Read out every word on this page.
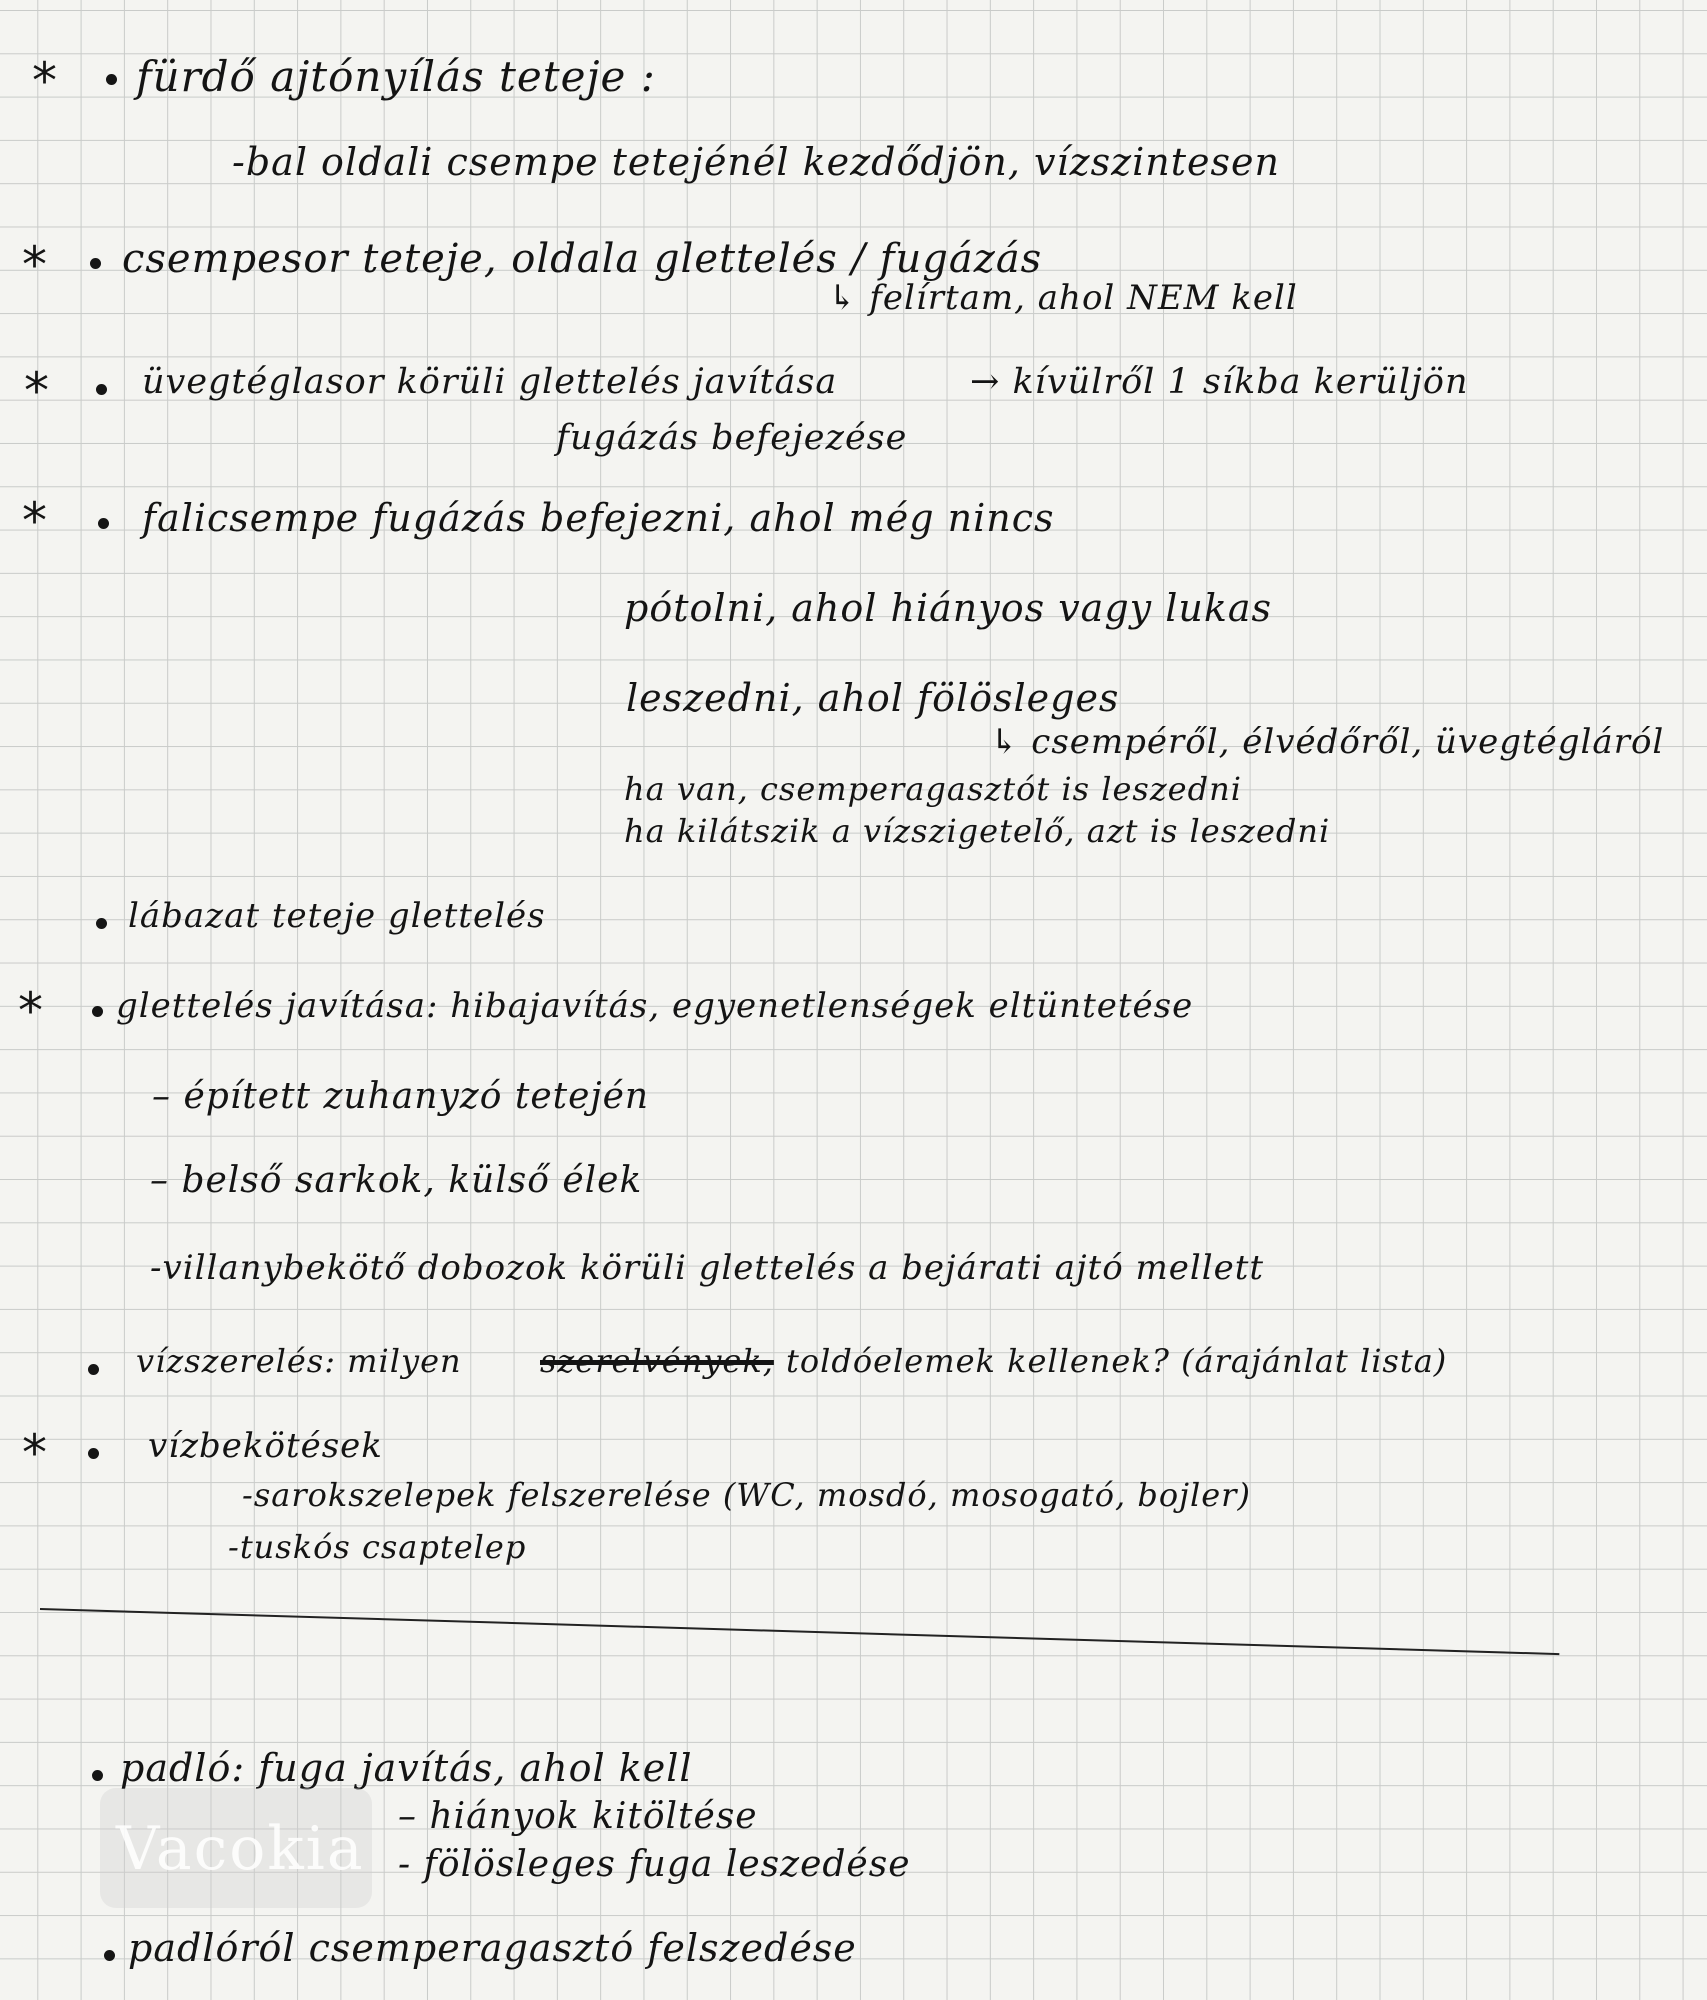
* fürdő ajtónyílás teteje :
-bal oldali csempe tetejénél kezdődjön, vízszintesen
* csempesor teteje, oldala glettelés / fugázás
↳ felírtam, ahol NEM kell
*	üvegtéglasor körüli glettelés javítása	→ kívülről 1 síkba kerüljön
fugázás befejezése
*	falicsempe fugázás befejezni, ahol még nincs
pótolni, ahol hiányos vagy lukas
leszedni, ahol fölösleges
↳ csempéről, élvédőről, üvegtégláról
ha van, csemperagasztót is leszedni
ha kilátszik a vízszigetelő, azt is leszedni
lábazat teteje glettelés
* glettelés javítása: hibajavítás, egyenetlenségek eltüntetése
– épített zuhanyzó tetején
– belső sarkok, külső élek
-villanybekötő dobozok körüli glettelés a bejárati ajtó mellett
vízszerelés: milyen szerelvények, toldóelemek kellenek? (árajánlat lista)
*	vízbekötések
-sarokszelepek felszerelése (WC, mosdó, mosogató, bojler)
-tuskós csaptelep
padló: fuga javítás, ahol kell
– hiányok kitöltése
- fölösleges fuga leszedése
padlóról csemperagasztó felszedése
Vacokia
